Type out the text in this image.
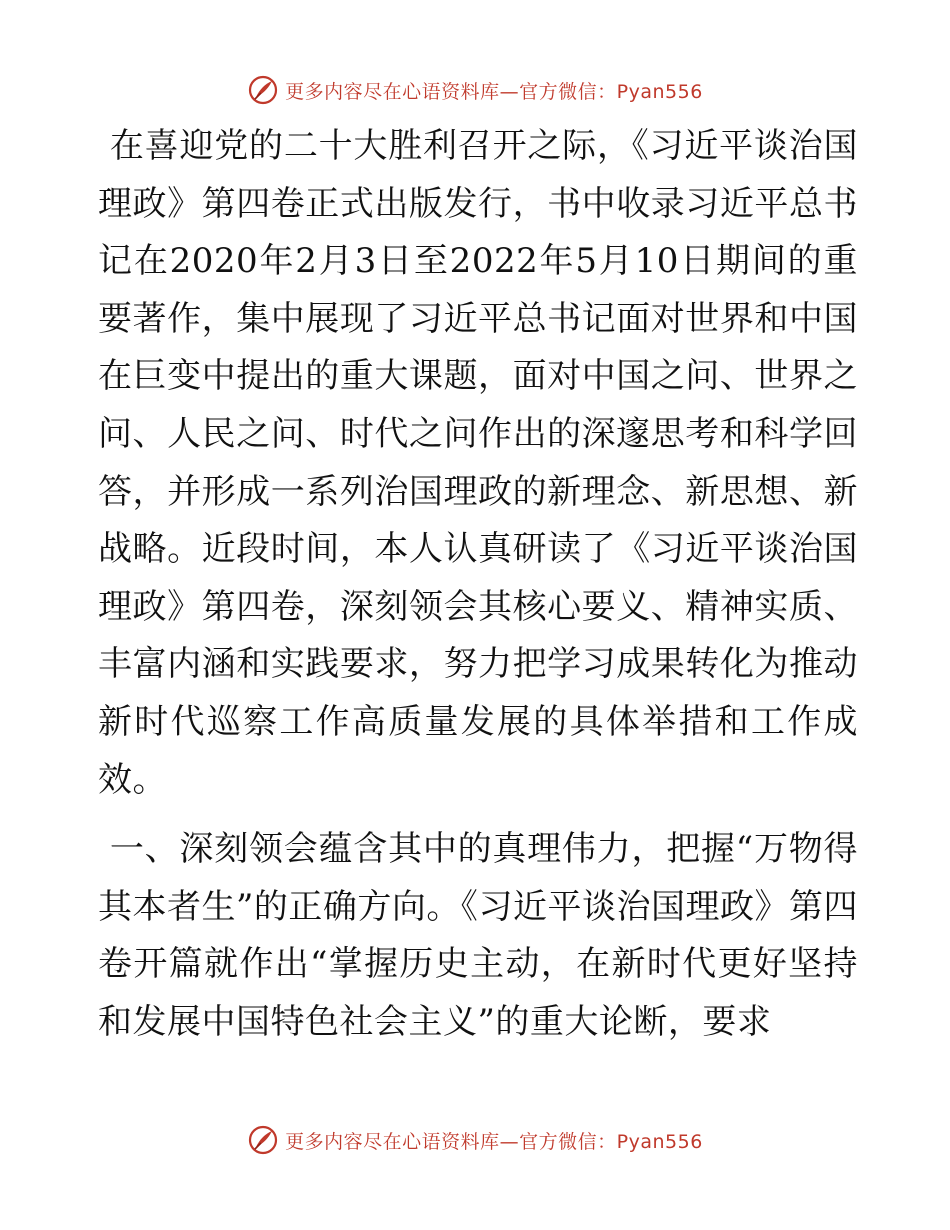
更多内容尽在心语资料库—官方微信：Pyan556

在喜迎党的二十大胜利召开之际，《习近平谈治国理政》第四卷正式出版发行，书中收录习近平总书记在2020年2月3日至2022年5月10日期间的重要著作，集中展现了习近平总书记面对世界和中国在巨变中提出的重大课题，面对中国之问、世界之问、人民之问、时代之问作出的深邃思考和科学回答，并形成一系列治国理政的新理念、新思想、新战略。近段时间，本人认真研读了《习近平谈治国理政》第四卷，深刻领会其核心要义、精神实质、丰富内涵和实践要求，努力把学习成果转化为推动新时代巡察工作高质量发展的具体举措和工作成效。

一、深刻领会蕴含其中的真理伟力，把握“万物得其本者生”的正确方向。《习近平谈治国理政》第四卷开篇就作出“掌握历史主动，在新时代更好坚持和发展中国特色社会主义”的重大论断，要求

更多内容尽在心语资料库—官方微信：Pyan556
